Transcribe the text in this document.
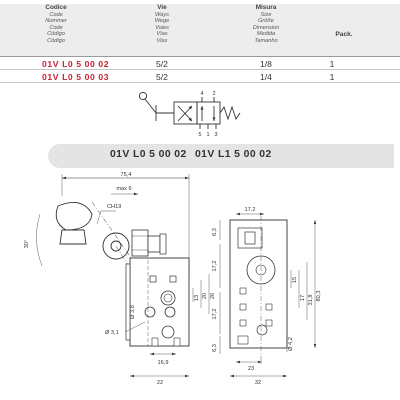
Codice
Code
Nummer
Code
Código
Código
Vie
Ways
Wege
Voies
Vías
Vias
Misura
Size
Größe
Dimension
Medida
Tamanho
Pack.
01V L0 5 00 02	5/2	1/8	1
01V L0 5 00 03	5/2	1/4	1
4 2
5 1 3
01V L0 5 00 02 01V L1 5 00 02
75,4
max 6
CH19
30°
Ø 3,8
Ø 3,1
13 20 26
16,9
22
17,2
6,3
17,2
17,2
6,3
15
17 31,8 80,3
Ø 4,2
23
32
